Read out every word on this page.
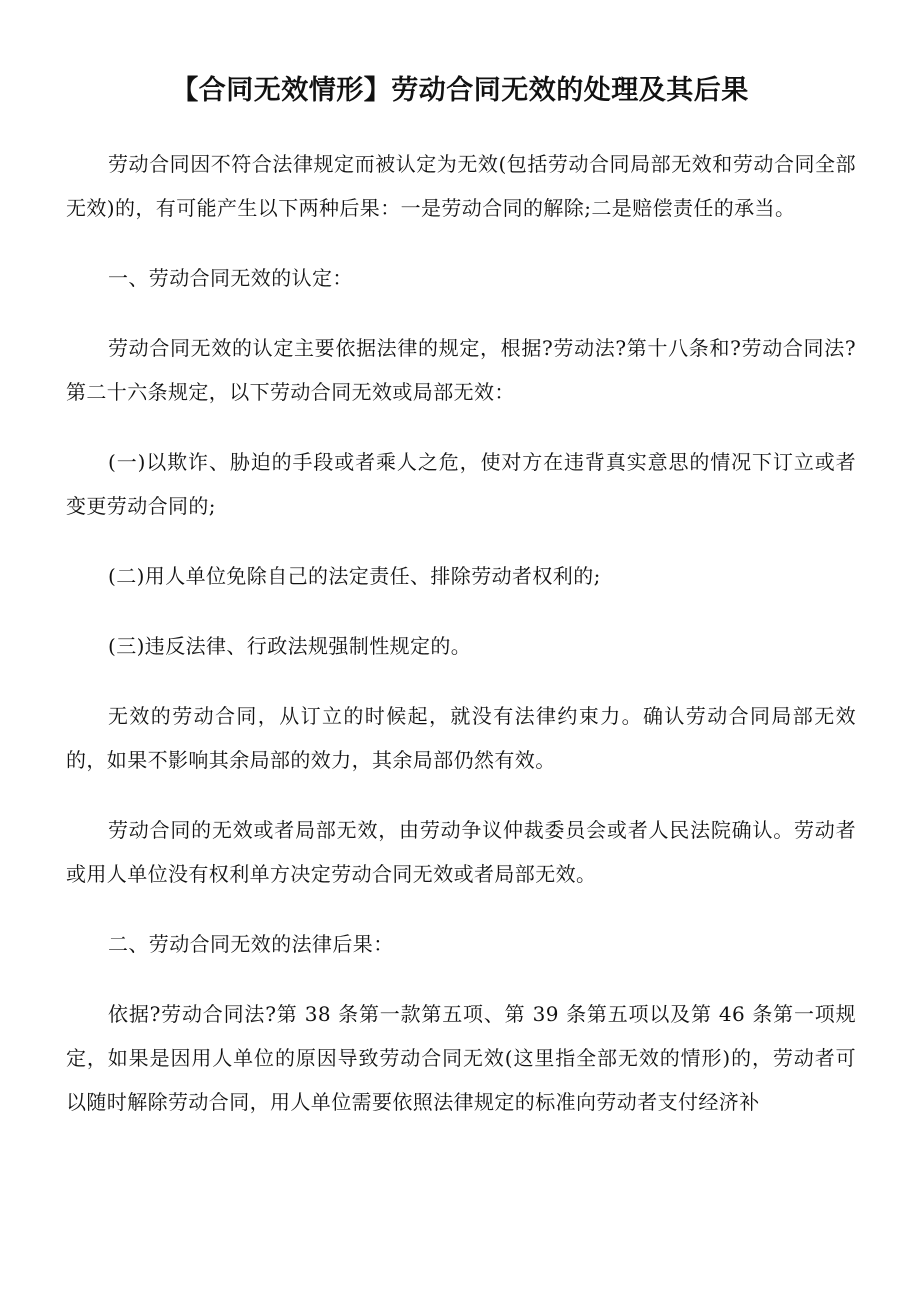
【合同无效情形】劳动合同无效的处理及其后果

劳动合同因不符合法律规定而被认定为无效(包括劳动合同局部无效和劳动合同全部无效)的，有可能产生以下两种后果：一是劳动合同的解除;二是赔偿责任的承当。

一、劳动合同无效的认定：

劳动合同无效的认定主要依据法律的规定，根据?劳动法?第十八条和?劳动合同法?第二十六条规定，以下劳动合同无效或局部无效：

(一)以欺诈、胁迫的手段或者乘人之危，使对方在违背真实意思的情况下订立或者变更劳动合同的;

(二)用人单位免除自己的法定责任、排除劳动者权利的;

(三)违反法律、行政法规强制性规定的。

无效的劳动合同，从订立的时候起，就没有法律约束力。确认劳动合同局部无效的，如果不影响其余局部的效力，其余局部仍然有效。

劳动合同的无效或者局部无效，由劳动争议仲裁委员会或者人民法院确认。劳动者或用人单位没有权利单方决定劳动合同无效或者局部无效。

二、劳动合同无效的法律后果：

依据?劳动合同法?第 38 条第一款第五项、第 39 条第五项以及第 46 条第一项规定，如果是因用人单位的原因导致劳动合同无效(这里指全部无效的情形)的，劳动者可以随时解除劳动合同，用人单位需要依照法律规定的标准向劳动者支付经济补
